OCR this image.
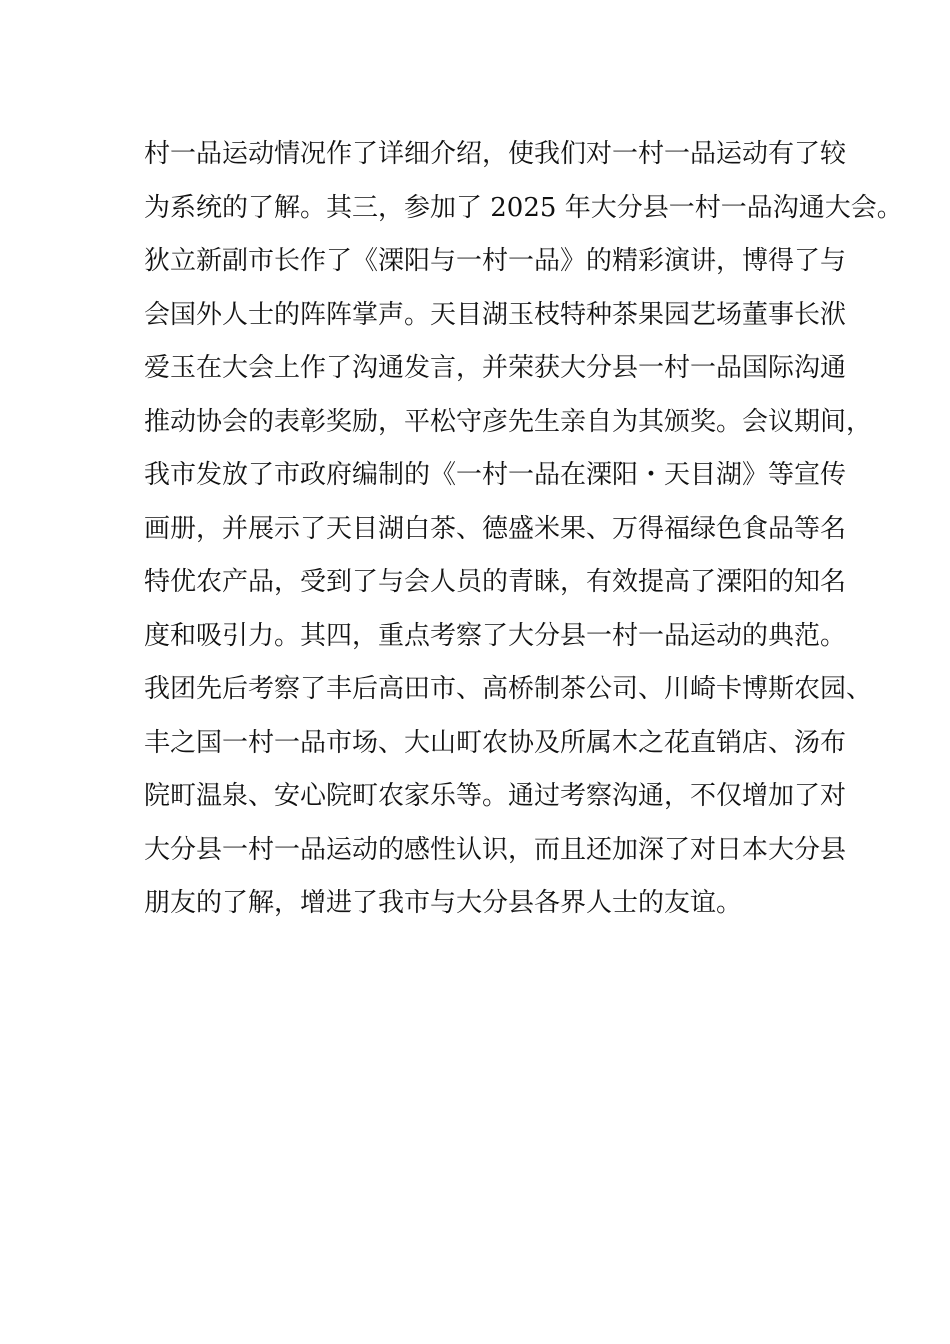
村一品运动情况作了详细介绍，使我们对一村一品运动有了较
为系统的了解。其三，参加了 2025 年大分县一村一品沟通大会。
狄立新副市长作了《溧阳与一村一品》的精彩演讲，博得了与
会国外人士的阵阵掌声。天目湖玉枝特种茶果园艺场董事长洑
爱玉在大会上作了沟通发言，并荣获大分县一村一品国际沟通
推动协会的表彰奖励，平松守彦先生亲自为其颁奖。会议期间，
我市发放了市政府编制的《一村一品在溧阳・天目湖》等宣传
画册，并展示了天目湖白茶、德盛米果、万得福绿色食品等名
特优农产品，受到了与会人员的青睐，有效提高了溧阳的知名
度和吸引力。其四，重点考察了大分县一村一品运动的典范。
我团先后考察了丰后高田市、高桥制茶公司、川崎卡博斯农园、
丰之国一村一品市场、大山町农协及所属木之花直销店、汤布
院町温泉、安心院町农家乐等。通过考察沟通，不仅增加了对
大分县一村一品运动的感性认识，而且还加深了对日本大分县
朋友的了解，增进了我市与大分县各界人士的友谊。
